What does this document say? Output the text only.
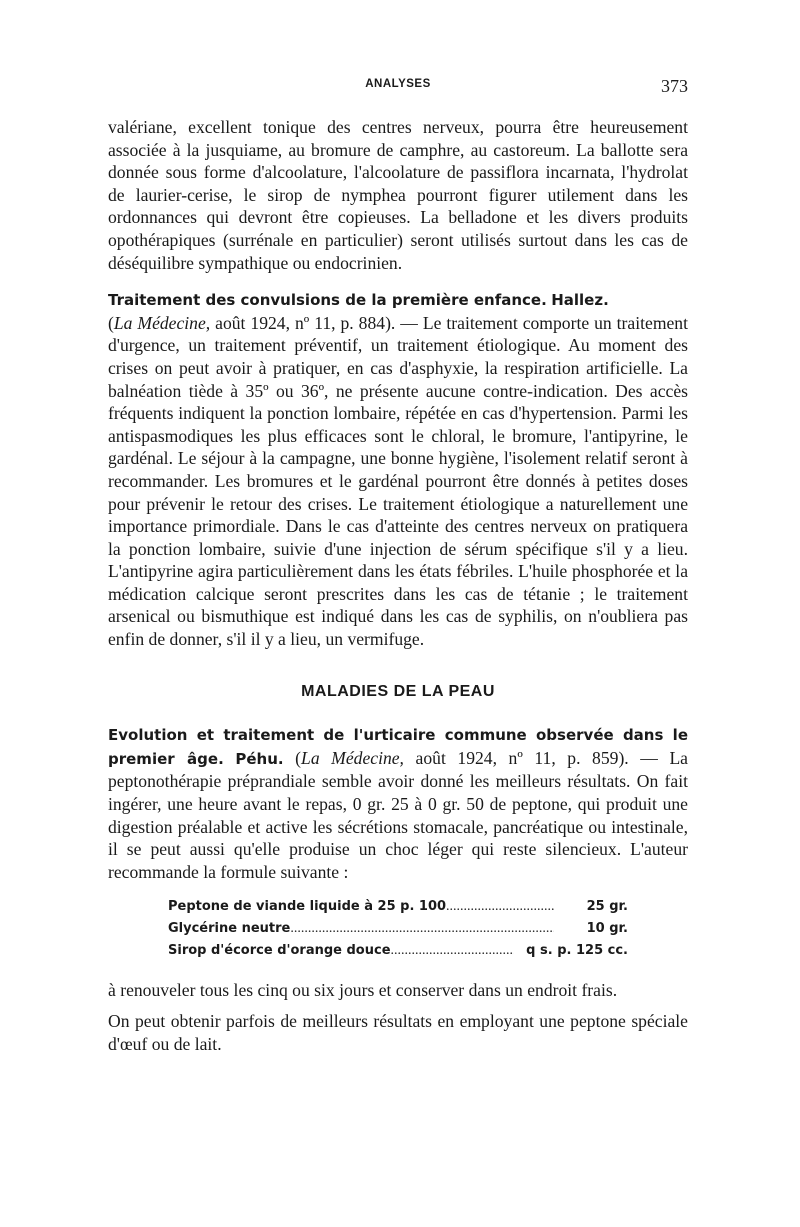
ANALYSES	373

valériane, excellent tonique des centres nerveux, pourra être heureusement associée à la jusquiame, au bromure de camphre, au castoreum. La ballotte sera donnée sous forme d'alcoolature, l'alcoolature de passiflora incarnata, l'hydrolat de laurier-cerise, le sirop de nymphea pourront figurer utilement dans les ordonnances qui devront être copieuses. La belladone et les divers produits opothérapiques (surrénale en particulier) seront utilisés surtout dans les cas de déséquilibre sympathique ou endocrinien.

Traitement des convulsions de la première enfance. Hallez.
(La Médecine, août 1924, nº 11, p. 884). — Le traitement comporte un traitement d'urgence, un traitement préventif, un traitement étiologique. Au moment des crises on peut avoir à pratiquer, en cas d'asphyxie, la respiration artificielle. La balnéation tiède à 35º ou 36º, ne présente aucune contre-indication. Des accès fréquents indiquent la ponction lombaire, répétée en cas d'hypertension. Parmi les antispasmodiques les plus efficaces sont le chloral, le bromure, l'antipyrine, le gardénal. Le séjour à la campagne, une bonne hygiène, l'isolement relatif seront à recommander. Les bromures et le gardénal pourront être donnés à petites doses pour prévenir le retour des crises. Le traitement étiologique a naturellement une importance primordiale. Dans le cas d'atteinte des centres nerveux on pratiquera la ponction lombaire, suivie d'une injection de sérum spécifique s'il y a lieu. L'antipyrine agira particulièrement dans les états fébriles. L'huile phosphorée et la médication calcique seront prescrites dans les cas de tétanie ; le traitement arsenical ou bismuthique est indiqué dans les cas de syphilis, on n'oubliera pas enfin de donner, s'il il y a lieu, un vermifuge.

MALADIES DE LA PEAU

Evolution et traitement de l'urticaire commune observée dans le premier âge. Péhu. (La Médecine, août 1924, nº 11, p. 859). — La peptonothérapie préprandiale semble avoir donné les meilleurs résultats. On fait ingérer, une heure avant le repas, 0 gr. 25 à 0 gr. 50 de peptone, qui produit une digestion préalable et active les sécrétions stomacale, pancréatique ou intestinale, il se peut aussi qu'elle produise un choc léger qui reste silencieux. L'auteur recommande la formule suivante :

Peptone de viande liquide à 25 p. 100 .....	25 gr.
Glycérine neutre .....	10 gr.
Sirop d'écorce d'orange douce .....	q s. p. 125 cc.

à renouveler tous les cinq ou six jours et conserver dans un endroit frais.

On peut obtenir parfois de meilleurs résultats en employant une peptone spéciale d'œuf ou de lait.
